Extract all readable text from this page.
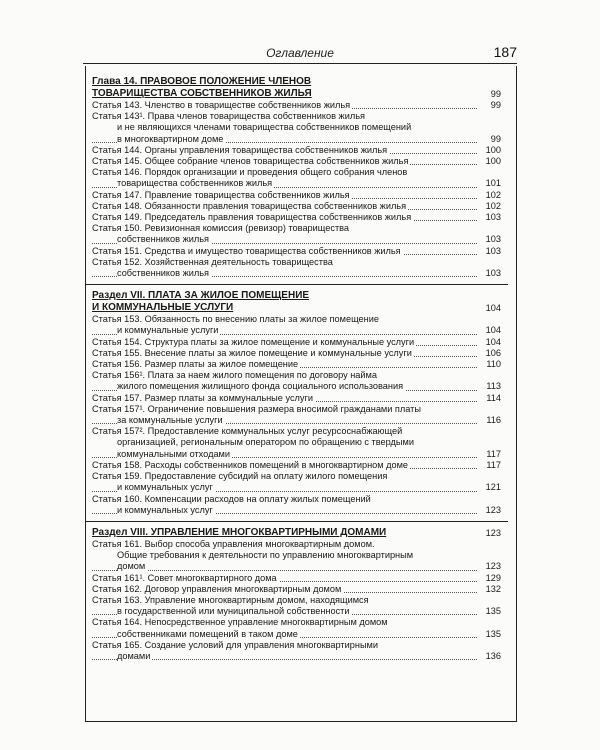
Оглавление	187
Глава 14. ПРАВОВОЕ ПОЛОЖЕНИЕ ЧЛЕНОВ
ТОВАРИЩЕСТВА СОБСТВЕННИКОВ ЖИЛЬЯ	99
Статья 143. Членство в товариществе собственников жилья	99
Статья 143¹. Права членов товарищества собственников жилья
и не являющихся членами товарищества собственников помещений
в многоквартирном доме	99
Статья 144. Органы управления товарищества собственников жилья	100
Статья 145. Общее собрание членов товарищества собственников жилья	100
Статья 146. Порядок организации и проведения общего собрания членов
товарищества собственников жилья	101
Статья 147. Правление товарищества собственников жилья	102
Статья 148. Обязанности правления товарищества собственников жилья	102
Статья 149. Председатель правления товарищества собственников жилья	103
Статья 150. Ревизионная комиссия (ревизор) товарищества
собственников жилья	103
Статья 151. Средства и имущество товарищества собственников жилья	103
Статья 152. Хозяйственная деятельность товарищества
собственников жилья	103
Раздел VII. ПЛАТА ЗА ЖИЛОЕ ПОМЕЩЕНИЕ
И КОММУНАЛЬНЫЕ УСЛУГИ	104
Статья 153. Обязанность по внесению платы за жилое помещение
и коммунальные услуги	104
Статья 154. Структура платы за жилое помещение и коммунальные услуги	104
Статья 155. Внесение платы за жилое помещение и коммунальные услуги	106
Статья 156. Размер платы за жилое помещение	110
Статья 156¹. Плата за наем жилого помещения по договору найма
жилого помещения жилищного фонда социального использования	113
Статья 157. Размер платы за коммунальные услуги	114
Статья 157¹. Ограничение повышения размера вносимой гражданами платы
за коммунальные услуги	116
Статья 157². Предоставление коммунальных услуг ресурсоснабжающей
организацией, региональным оператором по обращению с твердыми
коммунальными отходами	117
Статья 158. Расходы собственников помещений в многоквартирном доме	117
Статья 159. Предоставление субсидий на оплату жилого помещения
и коммунальных услуг	121
Статья 160. Компенсации расходов на оплату жилых помещений
и коммунальных услуг	123
Раздел VIII. УПРАВЛЕНИЕ МНОГОКВАРТИРНЫМИ ДОМАМИ	123
Статья 161. Выбор способа управления многоквартирным домом.
Общие требования к деятельности по управлению многоквартирным
домом	123
Статья 161¹. Совет многоквартирного дома	129
Статья 162. Договор управления многоквартирным домом	132
Статья 163. Управление многоквартирным домом, находящимся
в государственной или муниципальной собственности	135
Статья 164. Непосредственное управление многоквартирным домом
собственниками помещений в таком доме	135
Статья 165. Создание условий для управления многоквартирными
домами	136
